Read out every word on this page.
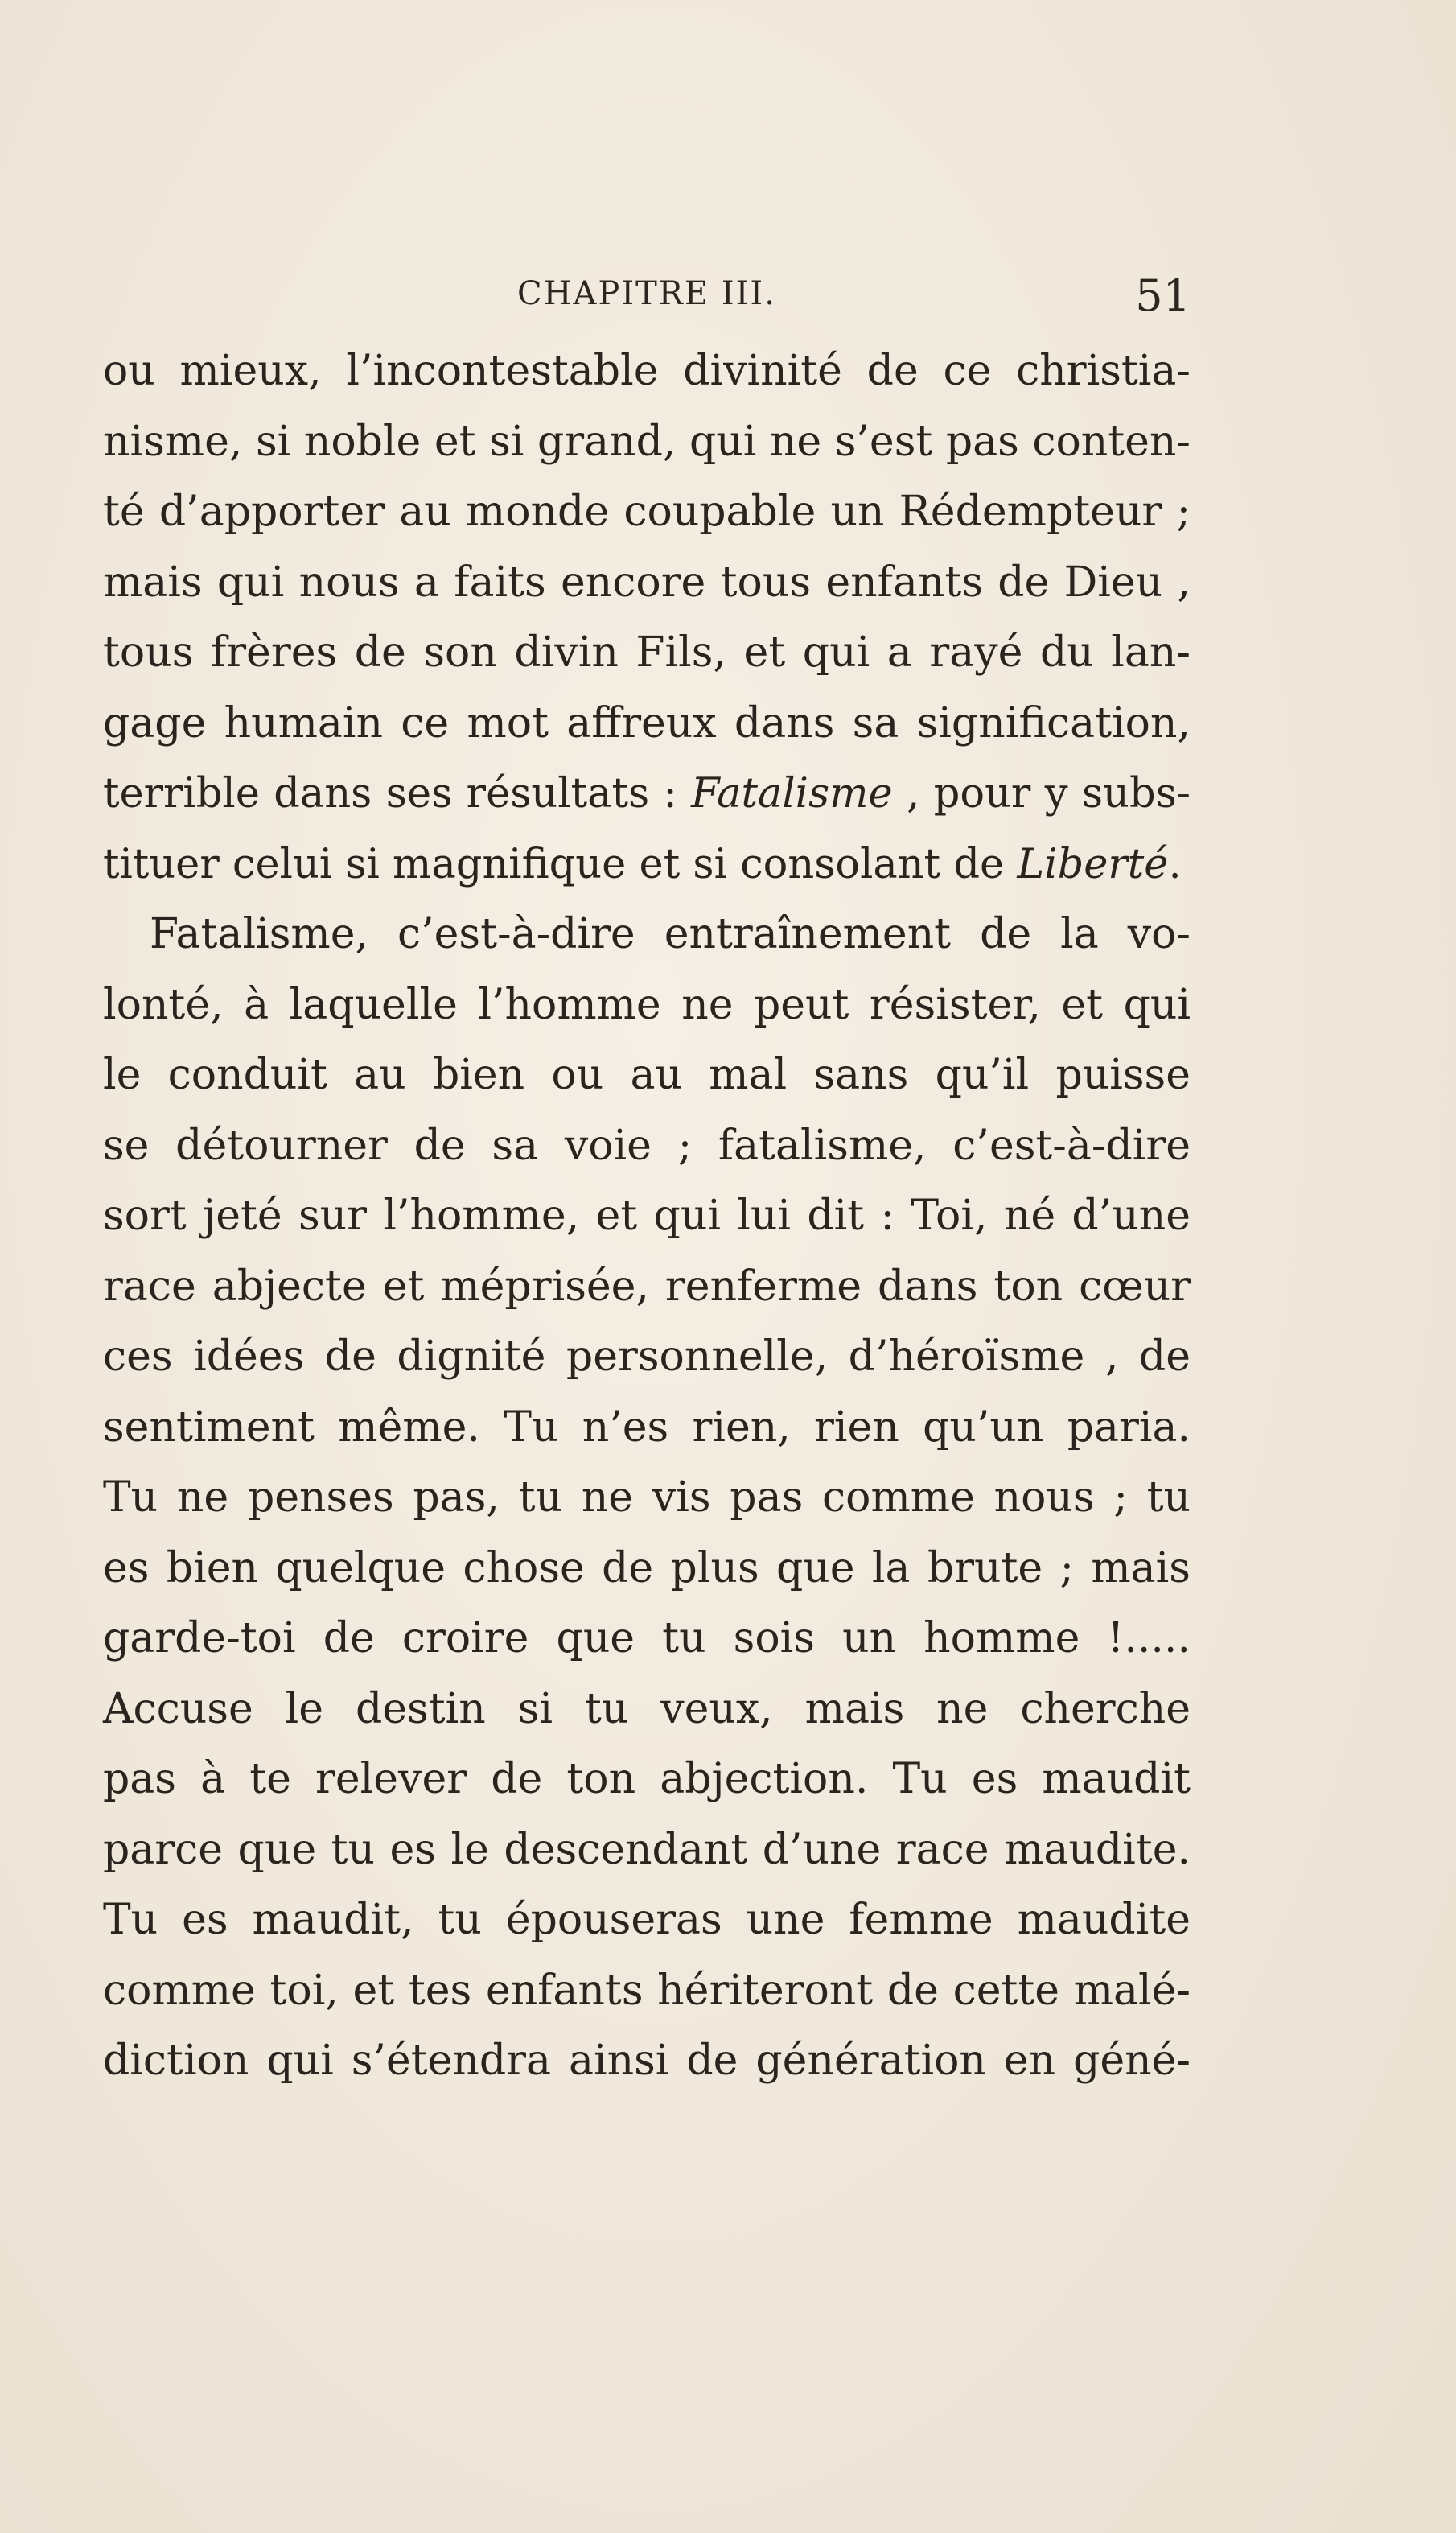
CHAPITRE III.	51
ou mieux, l’incontestable divinité de ce christia-
nisme, si noble et si grand, qui ne s’est pas conten-
té d’apporter au monde coupable un Rédempteur ;
mais qui nous a faits encore tous enfants de Dieu ,
tous frères de son divin Fils, et qui a rayé du lan-
gage humain ce mot affreux dans sa signification,
terrible dans ses résultats : Fatalisme , pour y subs-
tituer celui si magnifique et si consolant de Liberté.
Fatalisme, c’est-à-dire entraînement de la vo-
lonté, à laquelle l’homme ne peut résister, et qui
le conduit au bien ou au mal sans qu’il puisse
se détourner de sa voie ; fatalisme, c’est-à-dire
sort jeté sur l’homme, et qui lui dit : Toi, né d’une
race abjecte et méprisée, renferme dans ton cœur
ces idées de dignité personnelle, d’héroïsme , de
sentiment même. Tu n’es rien, rien qu’un paria.
Tu ne penses pas, tu ne vis pas comme nous ; tu
es bien quelque chose de plus que la brute ; mais
garde-toi de croire que tu sois un homme !.....
Accuse le destin si tu veux, mais ne cherche
pas à te relever de ton abjection. Tu es maudit
parce que tu es le descendant d’une race maudite.
Tu es maudit, tu épouseras une femme maudite
comme toi, et tes enfants hériteront de cette malé-
diction qui s’étendra ainsi de génération en géné-
